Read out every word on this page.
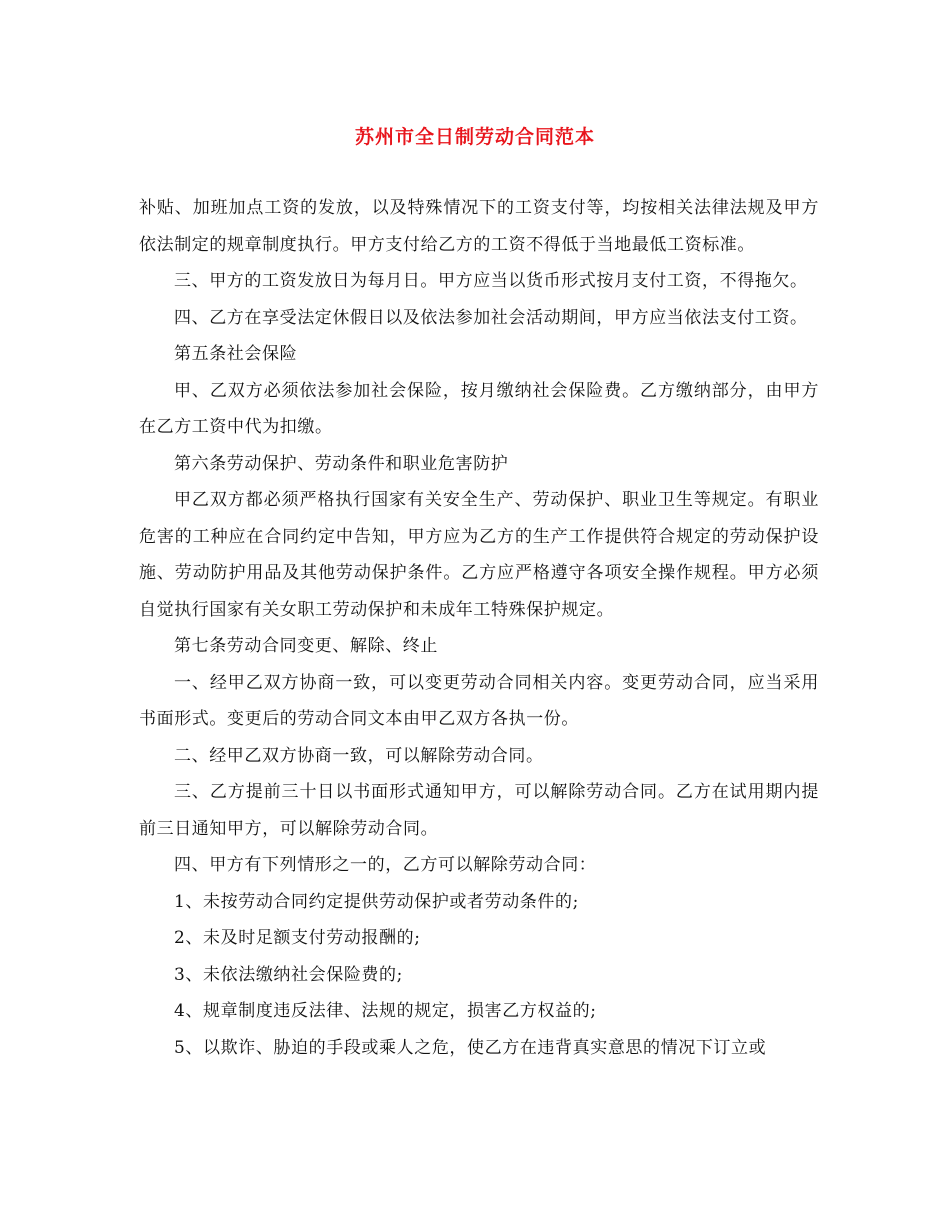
苏州市全日制劳动合同范本

补贴、加班加点工资的发放，以及特殊情况下的工资支付等，均按相关法律法规及甲方依法制定的规章制度执行。甲方支付给乙方的工资不得低于当地最低工资标准。

三、甲方的工资发放日为每月日。甲方应当以货币形式按月支付工资，不得拖欠。

四、乙方在享受法定休假日以及依法参加社会活动期间，甲方应当依法支付工资。

第五条社会保险

甲、乙双方必须依法参加社会保险，按月缴纳社会保险费。乙方缴纳部分，由甲方在乙方工资中代为扣缴。

第六条劳动保护、劳动条件和职业危害防护

甲乙双方都必须严格执行国家有关安全生产、劳动保护、职业卫生等规定。有职业危害的工种应在合同约定中告知，甲方应为乙方的生产工作提供符合规定的劳动保护设施、劳动防护用品及其他劳动保护条件。乙方应严格遵守各项安全操作规程。甲方必须自觉执行国家有关女职工劳动保护和未成年工特殊保护规定。

第七条劳动合同变更、解除、终止

一、经甲乙双方协商一致，可以变更劳动合同相关内容。变更劳动合同，应当采用书面形式。变更后的劳动合同文本由甲乙双方各执一份。

二、经甲乙双方协商一致，可以解除劳动合同。

三、乙方提前三十日以书面形式通知甲方，可以解除劳动合同。乙方在试用期内提前三日通知甲方，可以解除劳动合同。

四、甲方有下列情形之一的，乙方可以解除劳动合同：

1、未按劳动合同约定提供劳动保护或者劳动条件的;

2、未及时足额支付劳动报酬的;

3、未依法缴纳社会保险费的;

4、规章制度违反法律、法规的规定，损害乙方权益的;

5、以欺诈、胁迫的手段或乘人之危，使乙方在违背真实意思的情况下订立或
